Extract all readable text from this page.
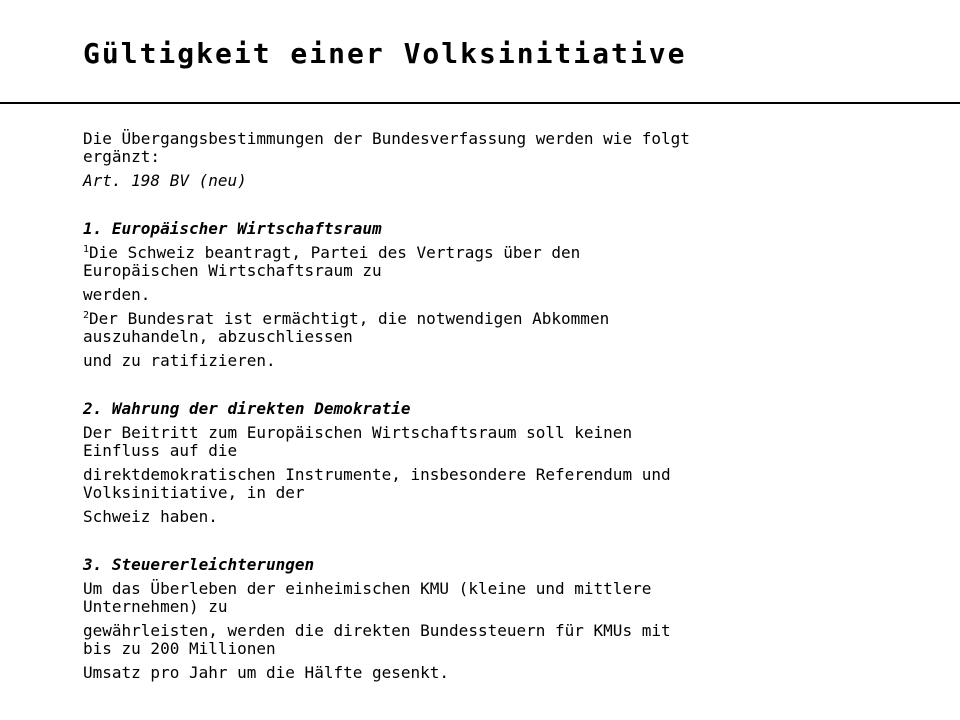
Gültigkeit einer Volksinitiative

Die Übergangsbestimmungen der Bundesverfassung werden wie folgt

ergänzt:

Art. 198 BV (neu)

1. Europäischer Wirtschaftsraum

$^1$Die Schweiz beantragt, Partei des Vertrags über den

Europäischen Wirtschaftsraum zu

werden.

$^2$Der Bundesrat ist ermächtigt, die notwendigen Abkommen

auszuhandeln, abzuschliessen

und zu ratifizieren.

2. Wahrung der direkten Demokratie

Der Beitritt zum Europäischen Wirtschaftsraum soll keinen

Einfluss auf die

direktdemokratischen Instrumente, insbesondere Referendum und

Volksinitiative, in der

Schweiz haben.

3. Steuererleichterungen

Um das Überleben der einheimischen KMU (kleine und mittlere

Unternehmen) zu

gewährleisten, werden die direkten Bundessteuern für KMUs mit

bis zu 200 Millionen

Umsatz pro Jahr um die Hälfte gesenkt.
